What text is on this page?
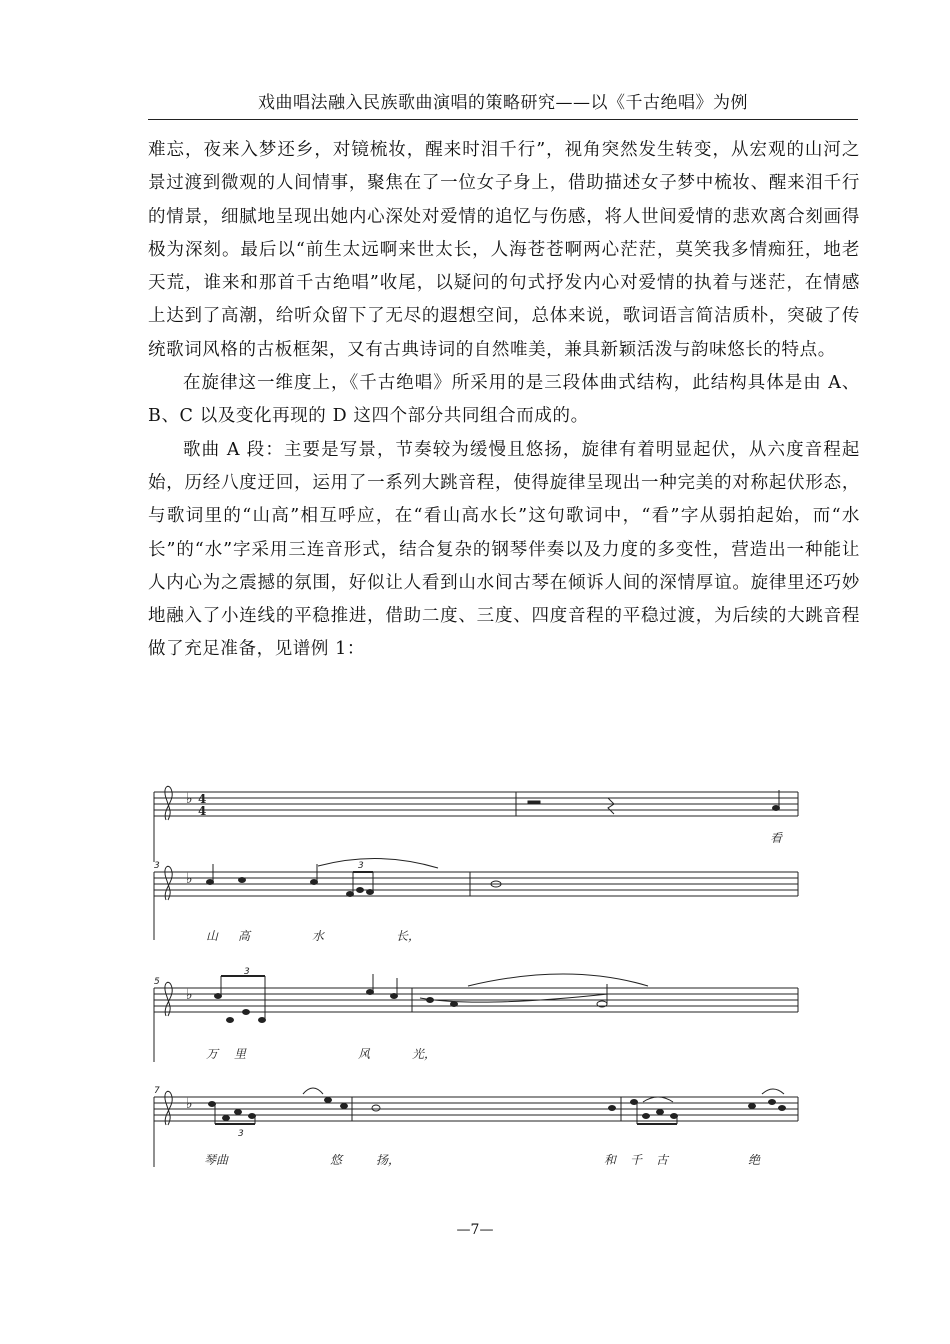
戏曲唱法融入民族歌曲演唱的策略研究——以《千古绝唱》为例

难忘，夜来入梦还乡，对镜梳妆，醒来时泪千行”，视角突然发生转变，从宏观的山河之景过渡到微观的人间情事，聚焦在了一位女子身上，借助描述女子梦中梳妆、醒来泪千行的情景，细腻地呈现出她内心深处对爱情的追忆与伤感，将人世间爱情的悲欢离合刻画得极为深刻。最后以“前生太远啊来世太长，人海苍苍啊两心茫茫，莫笑我多情痴狂，地老天荒，谁来和那首千古绝唱”收尾，以疑问的句式抒发内心对爱情的执着与迷茫，在情感上达到了高潮，给听众留下了无尽的遐想空间，总体来说，歌词语言简洁质朴，突破了传统歌词风格的古板框架，又有古典诗词的自然唯美，兼具新颖活泼与韵味悠长的特点。

在旋律这一维度上，《千古绝唱》所采用的是三段体曲式结构，此结构具体是由 A、B、C 以及变化再现的 D 这四个部分共同组合而成的。

歌曲 A 段：主要是写景，节奏较为缓慢且悠扬，旋律有着明显起伏，从六度音程起始，历经八度迂回，运用了一系列大跳音程，使得旋律呈现出一种完美的对称起伏形态，与歌词里的“山高”相互呼应，在“看山高水长”这句歌词中，“看”字从弱拍起始，而“水长”的“水”字采用三连音形式，结合复杂的钢琴伴奏以及力度的多变性，营造出一种能让人内心为之震撼的氛围，好似让人看到山水间古琴在倾诉人间的深情厚谊。旋律里还巧妙地融入了小连线的平稳推进，借助二度、三度、四度音程的平稳过渡，为后续的大跳音程做了充足准备，见谱例 1：

♭
♭
♭
♭
4
4
3
5
7
3
3
3
看
山 高	水	长，
万 里	风	光，
琴曲	悠	扬，	和 千 古	绝
—7—
